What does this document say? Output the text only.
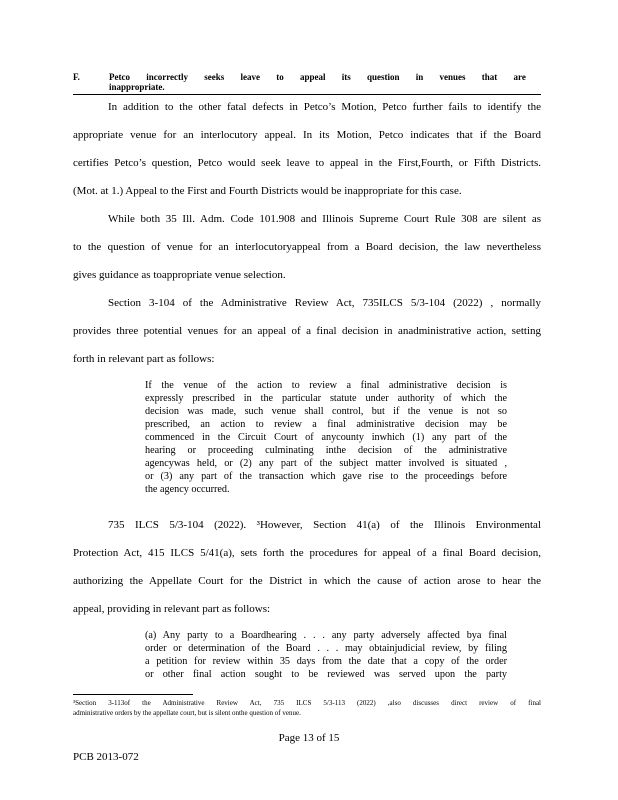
F.	Petco incorrectly seeks leave to appeal its question in venues that are inappropriate.
In addition to the other fatal defects in Petco’s Motion, Petco further fails to identify the
appropriate venue for an interlocutory appeal. In its Motion, Petco indicates that if the Board
certifies Petco’s question, Petco would seek leave to appeal in the First,Fourth, or Fifth Districts.
(Mot. at 1.) Appeal to the First and Fourth Districts would be inappropriate for this case.
While both 35 Ill. Adm. Code 101.908 and Illinois Supreme Court Rule 308 are silent as
to the question of venue for an interlocutoryappeal from a Board decision, the law nevertheless
gives guidance as toappropriate venue selection.
Section 3-104 of the Administrative Review Act, 735ILCS 5/3-104 (2022) , normally
provides three potential venues for an appeal of a final decision in anadministrative action, setting
forth in relevant part as follows:
If the venue of the action to review a final administrative decision is
expressly prescribed in the particular statute under authority of which the
decision was made, such venue shall control, but if the venue is not so
prescribed, an action to review a final administrative decision may be
commenced in the Circuit Court of anycounty inwhich (1) any part of the
hearing or proceeding culminating inthe decision of the administrative
agencywas held, or (2) any part of the subject matter involved is situated ,
or (3) any part of the transaction which gave rise to the proceedings before
the agency occurred.
735 ILCS 5/3-104 (2022). ³However, Section 41(a) of the Illinois Environmental
Protection Act, 415 ILCS 5/41(a), sets forth the procedures for appeal of a final Board decision,
authorizing the Appellate Court for the District in which the cause of action arose to hear the
appeal, providing in relevant part as follows:
(a) Any party to a Boardhearing . . . any party adversely affected bya final
order or determination of the Board . . . may obtainjudicial review, by filing
a petition for review within 35 days from the date that a copy of the order
or other final action sought to be reviewed was served upon the party
³Section 3-113of the Administrative Review Act, 735 ILCS 5/3-113 (2022) ,also discusses direct review of final
administrative orders by the appellate court, but is silent onthe question of venue.
Page 13 of 15
PCB 2013-072
